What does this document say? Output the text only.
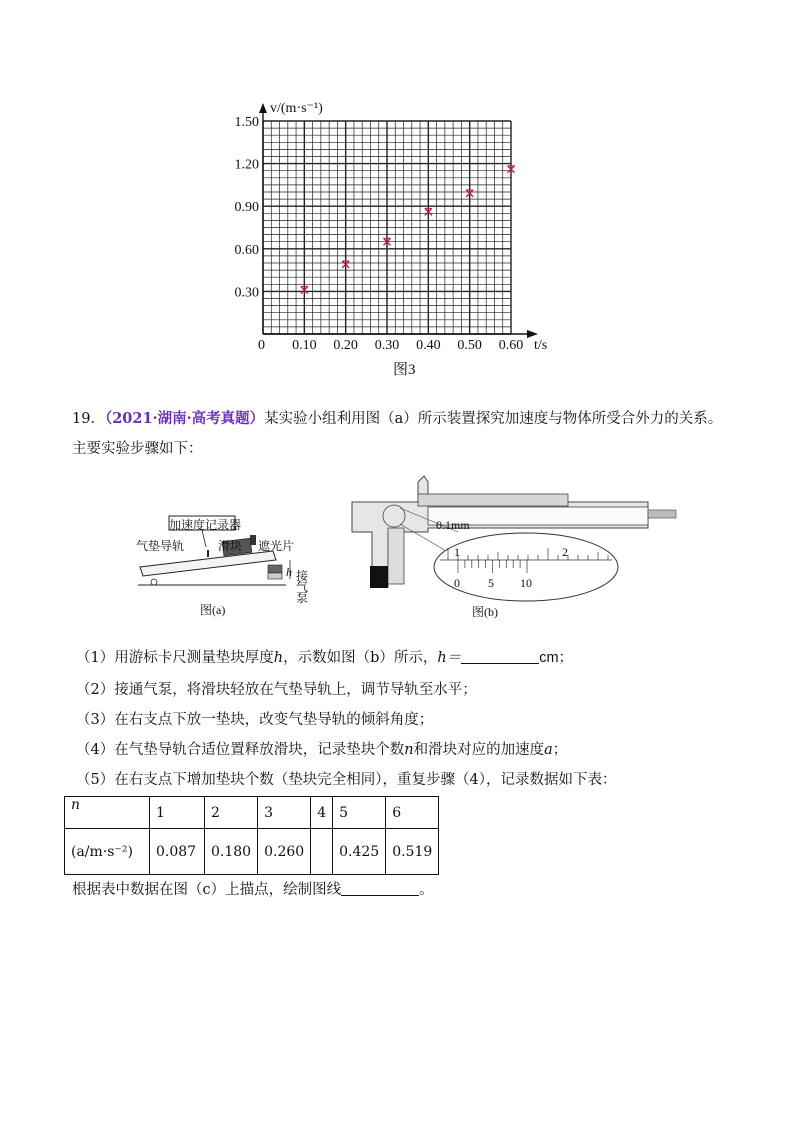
0.10 0.20 0.30 0.40 0.50 0.60
0.30
0.60
0.90
1.20
1.50
v/(m·s⁻¹)
t/s
0
图3
19．（2021·湖南·高考真题）某实验小组利用图（a）所示装置探究加速度与物体所受合外力的关系。主要实验步骤如下：
加速度记录器
气垫导轨	滑块 遮光片
h 接气泵
图(a)
0.1mm
1	2
0 5 10
图(b)
（1）用游标卡尺测量垫块厚度h，示数如图（b）所示，h＝	cm；
（2）接通气泵，将滑块轻放在气垫导轨上，调节导轨至水平；
（3）在右支点下放一垫块，改变气垫导轨的倾斜角度；
（4）在气垫导轨合适位置释放滑块，记录垫块个数n和滑块对应的加速度a；
（5）在右支点下增加垫块个数（垫块完全相同），重复步骤（4），记录数据如下表：
n	1	2	3	4	5	6
(a/m·s⁻²)	0.087	0.180	0.260		0.425	0.519
根据表中数据在图（c）上描点，绘制图线	。
